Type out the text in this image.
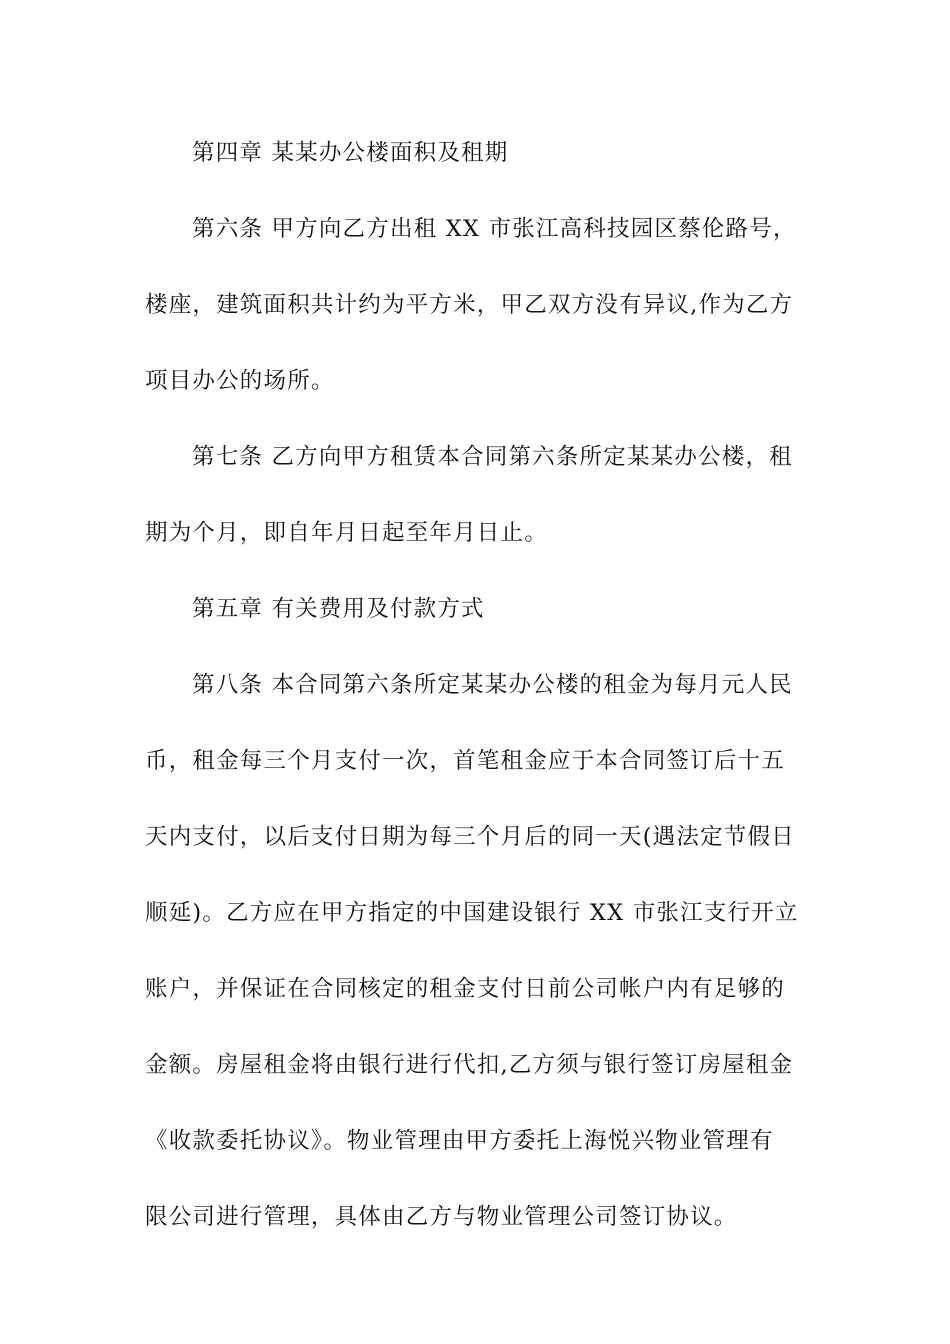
第四章 某某办公楼面积及租期
第六条 甲方向乙方出租 XX 市张江高科技园区蔡伦路号，
楼座，建筑面积共计约为平方米，甲乙双方没有异议,作为乙方
项目办公的场所。
第七条 乙方向甲方租赁本合同第六条所定某某办公楼，租
期为个月，即自年月日起至年月日止。
第五章 有关费用及付款方式
第八条 本合同第六条所定某某办公楼的租金为每月元人民
币，租金每三个月支付一次，首笔租金应于本合同签订后十五
天内支付，以后支付日期为每三个月后的同一天(遇法定节假日
顺延)。乙方应在甲方指定的中国建设银行 XX 市张江支行开立
账户，并保证在合同核定的租金支付日前公司帐户内有足够的
金额。房屋租金将由银行进行代扣,乙方须与银行签订房屋租金
《收款委托协议》。物业管理由甲方委托上海悦兴物业管理有
限公司进行管理，具体由乙方与物业管理公司签订协议。
